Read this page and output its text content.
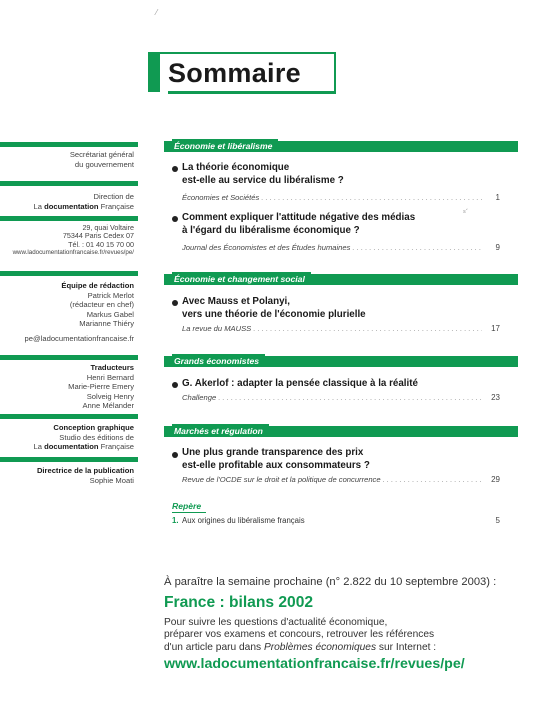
Sommaire
⁄
Secrétariat général
du gouvernement
Direction de
La documentation Française
29, quai Voltaire
75344 Paris Cedex 07
Tél. : 01 40 15 70 00
www.ladocumentationfrancaise.fr/revues/pe/
Équipe de rédaction
Patrick Merlot
(rédacteur en chef)
Markus Gabel
Marianne Thiéry
pe@ladocumentationfrancaise.fr
Traducteurs
Henri Bernard
Marie-Pierre Emery
Solveig Henry
Anne Mélander
Conception graphique
Studio des éditions de
La documentation Française
Directrice de la publication
Sophie Moati
Économie et libéralisme
La théorie économique
est-elle au service du libéralisme ?
Économies et Sociétés . . .	1
Comment expliquer l'attitude négative des médias
à l'égard du libéralisme économique ?
ˢ´
Journal des Économistes et des Études humaines . . .	9
Économie et changement social
Avec Mauss et Polanyi,
vers une théorie de l'économie plurielle
La revue du MAUSS . . .	17
Grands économistes
G. Akerlof : adapter la pensée classique à la réalité
Challenge . . .	23
Marchés et régulation
Une plus grande transparence des prix
est-elle profitable aux consommateurs ?
Revue de l'OCDE sur le droit et la politique de concurrence . . .	29
Repère
1. Aux origines du libéralisme français	5
À paraître la semaine prochaine (n° 2.822 du 10 septembre 2003) :
France : bilans 2002
Pour suivre les questions d'actualité économique,
préparer vos examens et concours, retrouver les références
d'un article paru dans Problèmes économiques sur Internet :
www.ladocumentationfrancaise.fr/revues/pe/
